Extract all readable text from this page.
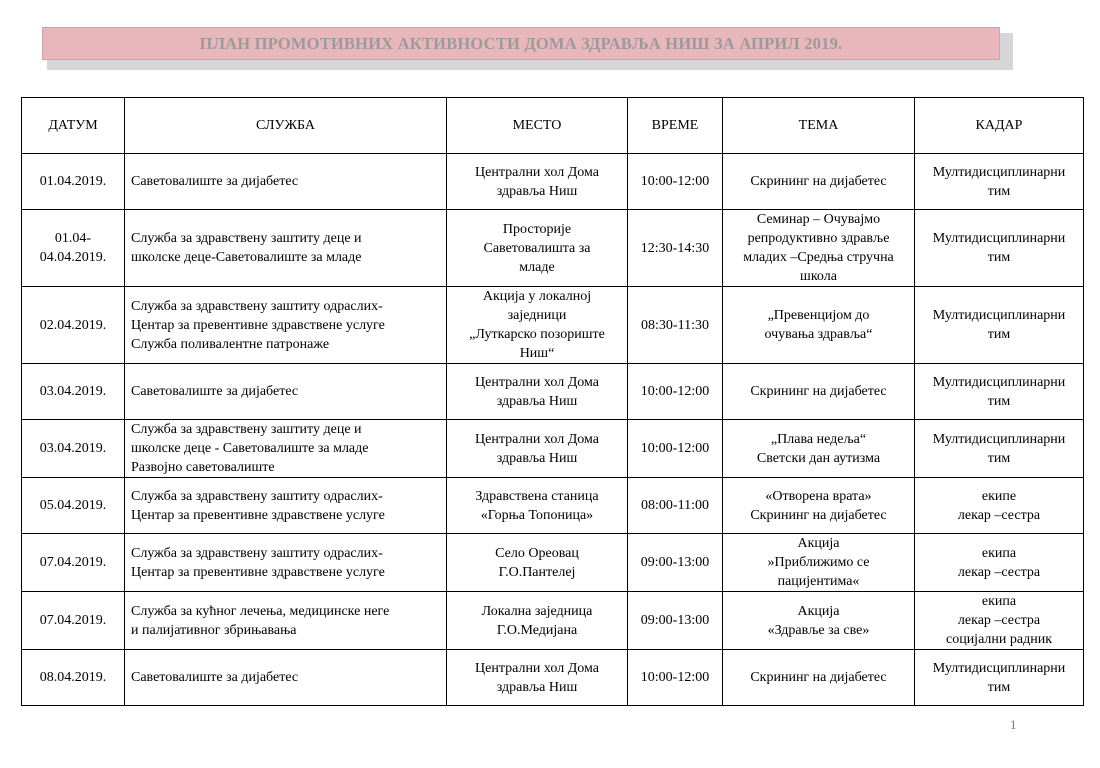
ПЛАН ПРОМОТИВНИХ АКТИВНОСТИ ДОМА ЗДРАВЉА НИШ ЗА АПРИЛ 2019.
ДАТУМ	СЛУЖБА	МЕСТО	ВРЕМЕ	ТЕМА	КАДАР

01.04.2019.	Саветовалиште за дијабетес	Централни хол Дома
здравља Ниш	10:00-12:00	Скрининг на дијабетес	Мултидисциплинарни
тим

01.04-
04.04.2019.	Служба за здравствену заштиту деце и
школске деце-Саветовалиште за младе	Просторије
Саветовалишта за
младе	12:30-14:30	Семинар – Очувајмо
репродуктивно здравље
младих –Средња стручна
школа	Мултидисциплинарни
тим

02.04.2019.	Служба за здравствену заштиту одраслих-
Центар за превентивне здравствене услуге
Служба поливалентне патронаже	Акција у локалној
заједници
„Луткарско позориште
Ниш“	08:30-11:30	„Превенцијом до
очувања здравља“	Мултидисциплинарни
тим

03.04.2019.	Саветовалиште за дијабетес	Централни хол Дома
здравља Ниш	10:00-12:00	Скрининг на дијабетес	Мултидисциплинарни
тим

03.04.2019.	Служба за здравствену заштиту деце и
школске деце - Саветовалиште за младе
Развојно саветовалиште	Централни хол Дома
здравља Ниш	10:00-12:00	„Плава недеља“
Светски дан аутизма	Мултидисциплинарни
тим

05.04.2019.	Служба за здравствену заштиту одраслих-
Центар за превентивне здравствене услуге	Здравствена станица
«Горња Топоница»	08:00-11:00	«Отворена врата»
Скрининг на дијабетес	екипе
лекар –сестра

07.04.2019.	Служба за здравствену заштиту одраслих-
Центар за превентивне здравствене услуге	Село Ореовац
Г.О.Пантелеј	09:00-13:00	Акција
»Приближимо се
пацијентима«	екипа
лекар –сестра

07.04.2019.	Служба за кућног лечења, медицинске неге
и палијативног збрињавања	Локална заједница
Г.О.Медијана	09:00-13:00	Акција
«Здравље за све»	екипа
лекар –сестра
социјални радник

08.04.2019.	Саветовалиште за дијабетес	Централни хол Дома
здравља Ниш	10:00-12:00	Скрининг на дијабетес	Мултидисциплинарни
тим
1
